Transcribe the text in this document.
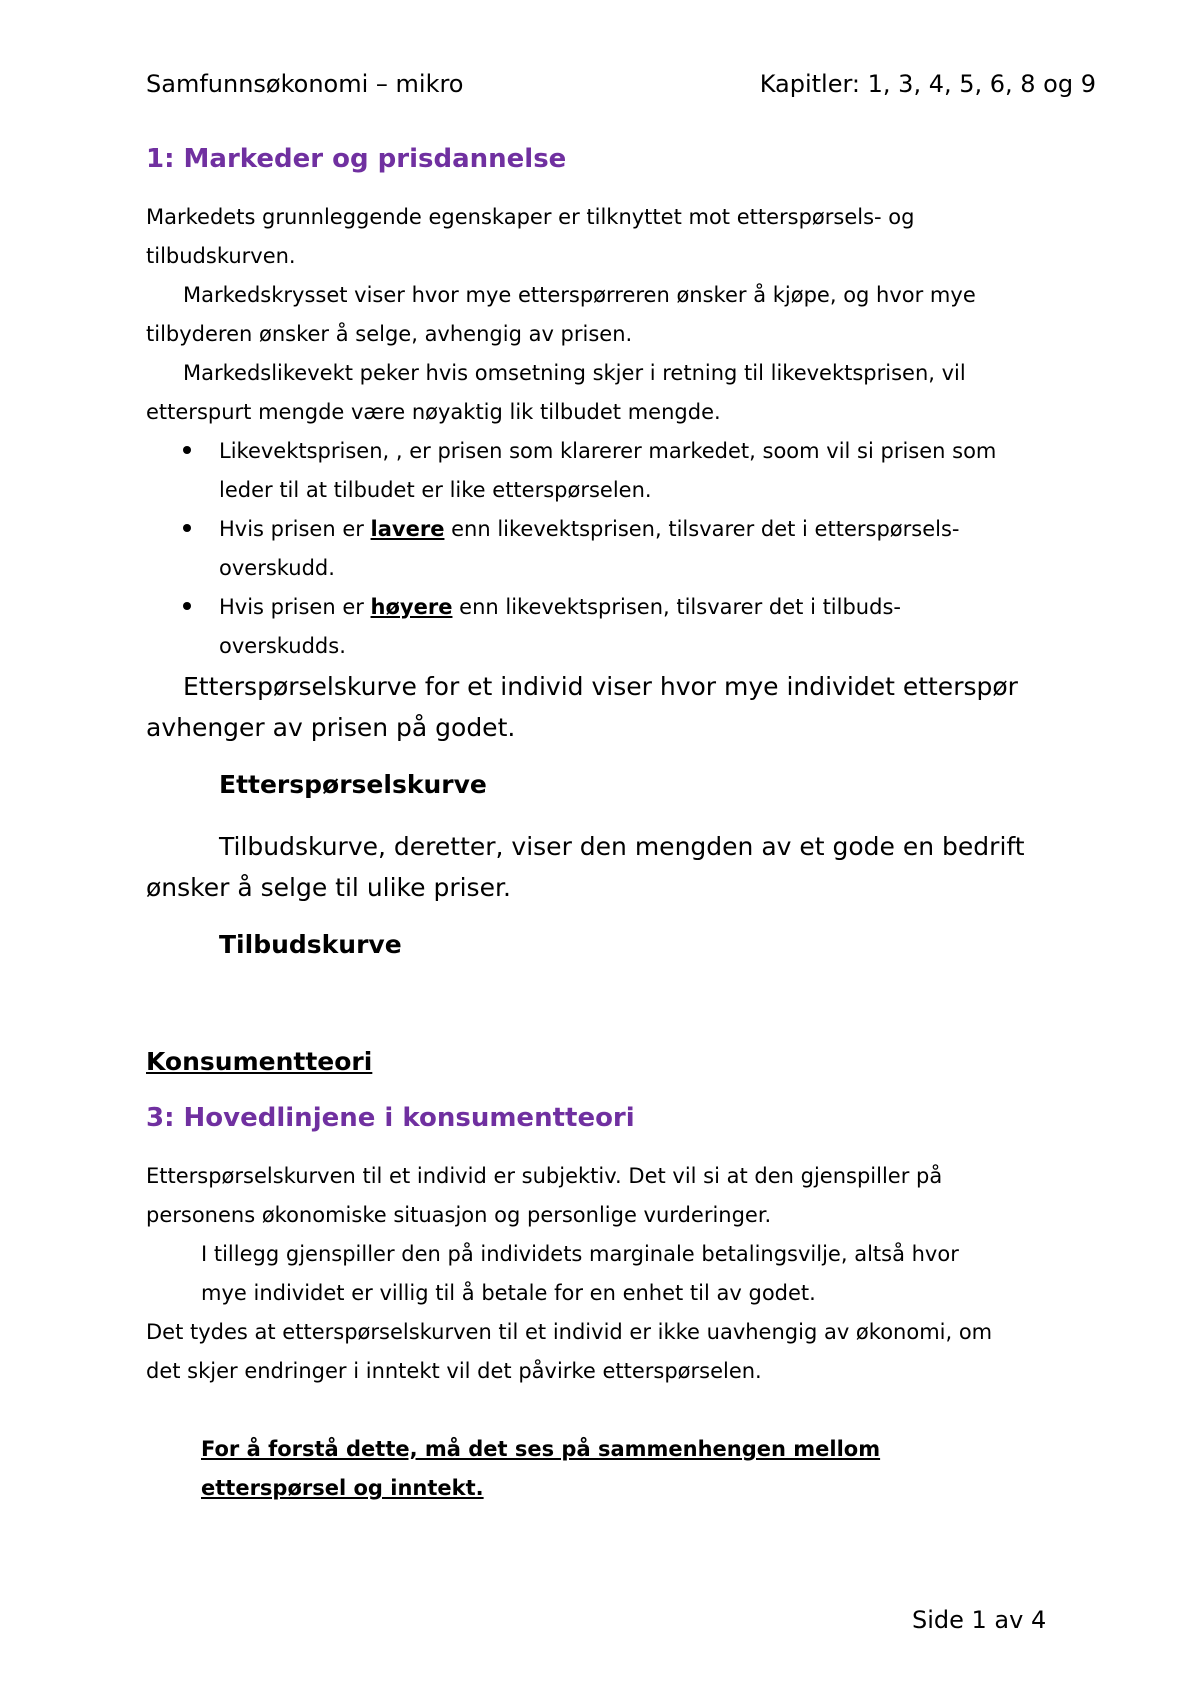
Samfunnsøkonomi – mikro	Kapitler: 1, 3, 4, 5, 6, 8 og 9
1: Markeder og prisdannelse
Markedets grunnleggende egenskaper er tilknyttet mot etterspørsels- og
tilbudskurven.
Markedskrysset viser hvor mye etterspørreren ønsker å kjøpe, og hvor mye
tilbyderen ønsker å selge, avhengig av prisen.
Markedslikevekt peker hvis omsetning skjer i retning til likevektsprisen, vil
etterspurt mengde være nøyaktig lik tilbudet mengde.
Likevektsprisen, , er prisen som klarerer markedet, soom vil si prisen som
leder til at tilbudet er like etterspørselen.
Hvis prisen er lavere enn likevektsprisen, tilsvarer det i etterspørsels-
overskudd.
Hvis prisen er høyere enn likevektsprisen, tilsvarer det i tilbuds-
overskudds.
Etterspørselskurve for et individ viser hvor mye individet etterspør
avhenger av prisen på godet.
Etterspørselskurve
Tilbudskurve, deretter, viser den mengden av et gode en bedrift
ønsker å selge til ulike priser.
Tilbudskurve
Konsumentteori
3: Hovedlinjene i konsumentteori
Etterspørselskurven til et individ er subjektiv. Det vil si at den gjenspiller på
personens økonomiske situasjon og personlige vurderinger.
I tillegg gjenspiller den på individets marginale betalingsvilje, altså hvor
mye individet er villig til å betale for en enhet til av godet.
Det tydes at etterspørselskurven til et individ er ikke uavhengig av økonomi, om
det skjer endringer i inntekt vil det påvirke etterspørselen.
For å forstå dette, må det ses på sammenhengen mellom
etterspørsel og inntekt.
Side 1 av 4
